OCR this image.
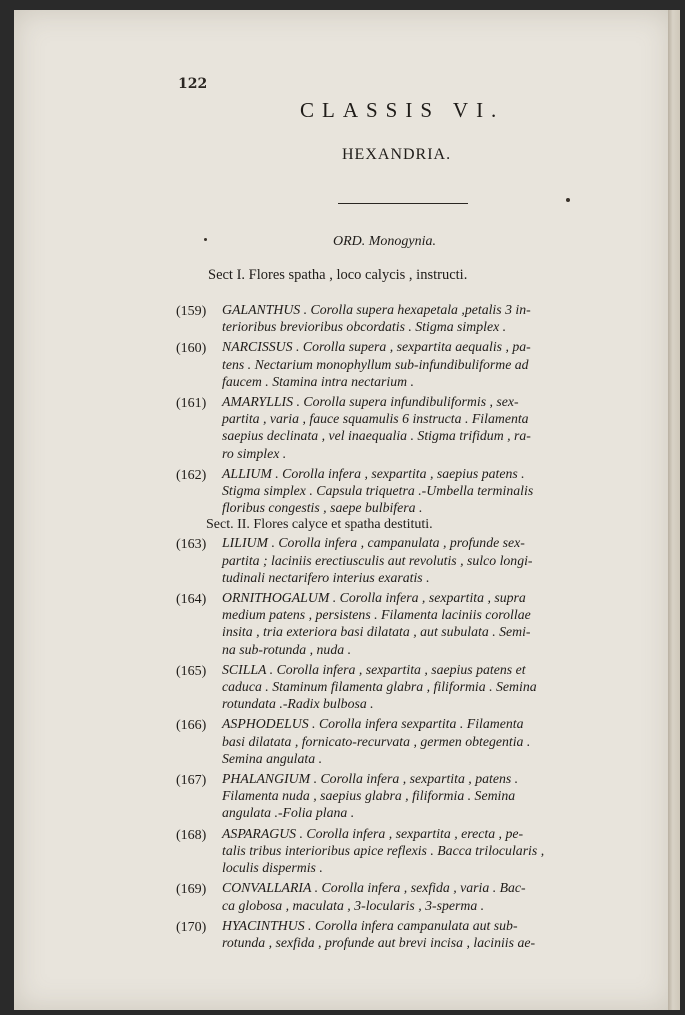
122
CLASSIS VI.
HEXANDRIA.
ORD. Monogynia.
Sect I. Flores spatha , loco calycis , instructi.
(159) GALANTHUS . Corolla supera hexapetala ,petalis 3 in-
terioribus brevioribus obcordatis . Stigma simplex .
(160) NARCISSUS . Corolla supera , sexpartita aequalis , pa-
tens . Nectarium monophyllum sub-infundibuliforme ad
faucem . Stamina intra nectarium .
(161) AMARYLLIS . Corolla supera infundibuliformis , sex-
partita , varia , fauce squamulis 6 instructa . Filamenta
saepius declinata , vel inaequalia . Stigma trifidum , ra-
ro simplex .
(162) ALLIUM . Corolla infera , sexpartita , saepius patens .
Stigma simplex . Capsula triquetra .-Umbella terminalis
floribus congestis , saepe bulbifera .
Sect. II. Flores calyce et spatha destituti.
(163) LILIUM . Corolla infera , campanulata , profunde sex-
partita ; laciniis erectiusculis aut revolutis , sulco longi-
tudinali nectarifero interius exaratis .
(164) ORNITHOGALUM . Corolla infera , sexpartita , supra
medium patens , persistens . Filamenta laciniis corollae
insita , tria exteriora basi dilatata , aut subulata . Semi-
na sub-rotunda , nuda .
(165) SCILLA . Corolla infera , sexpartita , saepius patens et
caduca . Staminum filamenta glabra , filiformia . Semina
rotundata .-Radix bulbosa .
(166) ASPHODELUS . Corolla infera sexpartita . Filamenta
basi dilatata , fornicato-recurvata , germen obtegentia .
Semina angulata .
(167) PHALANGIUM . Corolla infera , sexpartita , patens .
Filamenta nuda , saepius glabra , filiformia . Semina
angulata .-Folia plana .
(168) ASPARAGUS . Corolla infera , sexpartita , erecta , pe-
talis tribus interioribus apice reflexis . Bacca trilocularis ,
loculis dispermis .
(169) CONVALLARIA . Corolla infera , sexfida , varia . Bac-
ca globosa , maculata , 3-locularis , 3-sperma .
(170) HYACINTHUS . Corolla infera campanulata aut sub-
rotunda , sexfida , profunde aut brevi incisa , laciniis ae-
